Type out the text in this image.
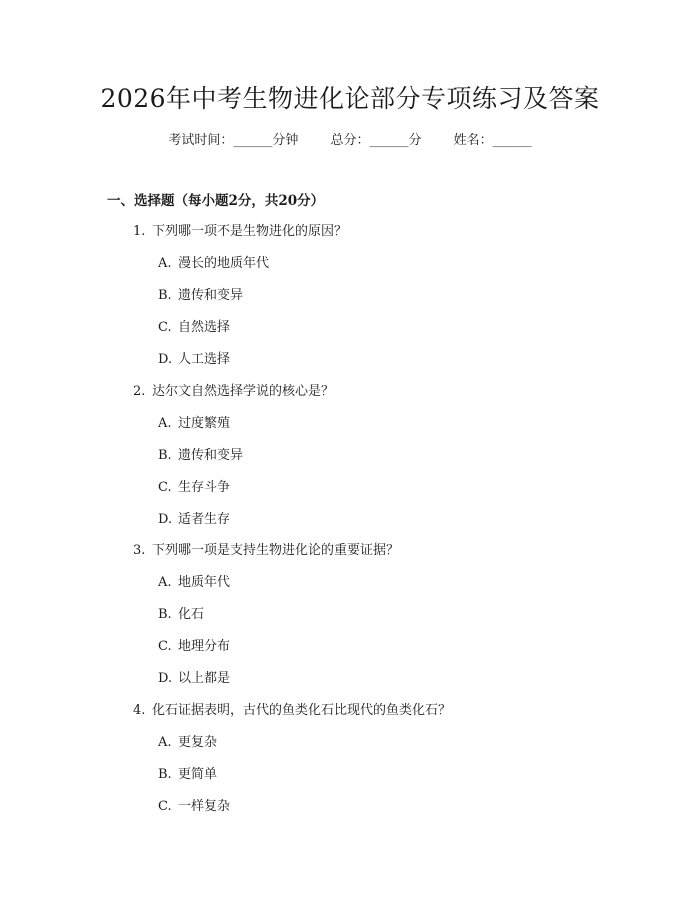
2026年中考生物进化论部分专项练习及答案
考试时间：______分钟 总分：______分 姓名：______
一、选择题（每小题2分，共20分）
1. 下列哪一项不是生物进化的原因？
A. 漫长的地质年代
B. 遗传和变异
C. 自然选择
D. 人工选择
2. 达尔文自然选择学说的核心是？
A. 过度繁殖
B. 遗传和变异
C. 生存斗争
D. 适者生存
3. 下列哪一项是支持生物进化论的重要证据？
A. 地质年代
B. 化石
C. 地理分布
D. 以上都是
4. 化石证据表明，古代的鱼类化石比现代的鱼类化石？
A. 更复杂
B. 更简单
C. 一样复杂
